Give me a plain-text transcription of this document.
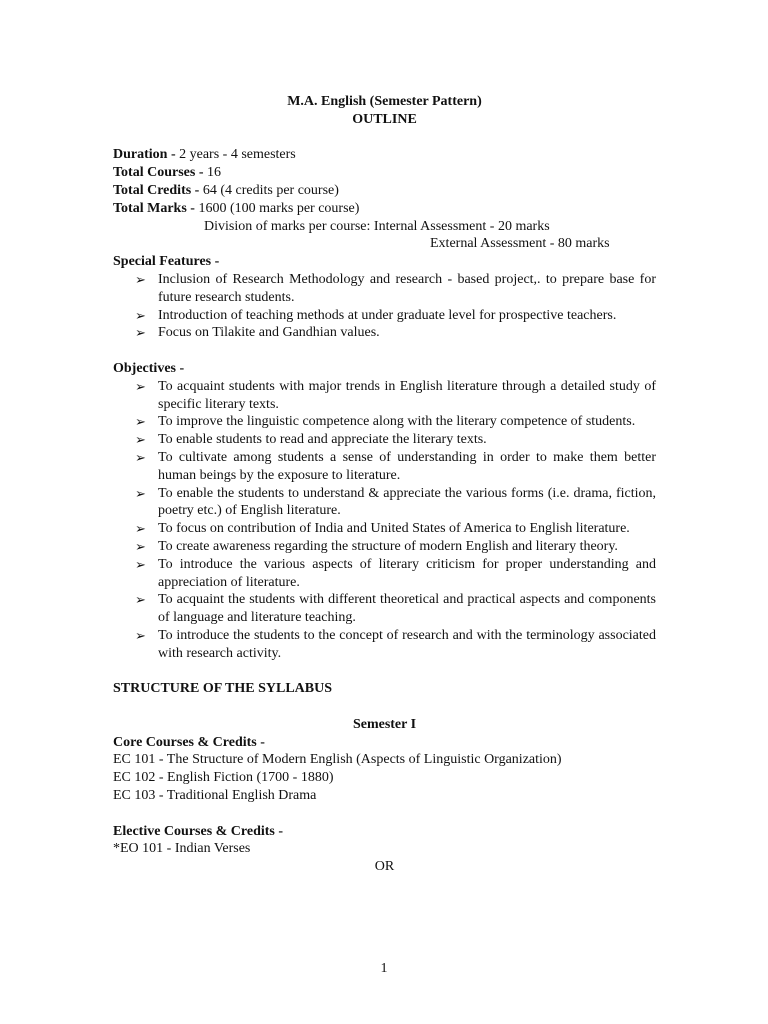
M.A. English (Semester Pattern)
OUTLINE
Duration - 2 years - 4 semesters
Total Courses - 16
Total Credits - 64 (4 credits per course)
Total Marks - 1600 (100 marks per course)
Division of marks per course: Internal Assessment - 20 marks
External Assessment - 80 marks
Special Features -
➢ Inclusion of Research Methodology and research - based project,. to prepare base for future research students.
➢ Introduction of teaching methods at under graduate level for prospective teachers.
➢ Focus on Tilakite and Gandhian values.
Objectives -
➢ To acquaint students with major trends in English literature through a detailed study of specific literary texts.
➢ To improve the linguistic competence along with the literary competence of students.
➢ To enable students to read and appreciate the literary texts.
➢ To cultivate among students a sense of understanding in order to make them better human beings by the exposure to literature.
➢ To enable the students to understand & appreciate the various forms (i.e. drama, fiction, poetry etc.) of English literature.
➢ To focus on contribution of India and United States of America to English literature.
➢ To create awareness regarding the structure of modern English and literary theory.
➢ To introduce the various aspects of literary criticism for proper understanding and appreciation of literature.
➢ To acquaint the students with different theoretical and practical aspects and components of language and literature teaching.
➢ To introduce the students to the concept of research and with the terminology associated with research activity.
STRUCTURE OF THE SYLLABUS
Semester I
Core Courses & Credits -
EC 101 - The Structure of Modern English (Aspects of Linguistic Organization)
EC 102 - English Fiction (1700 - 1880)
EC 103 - Traditional English Drama
Elective Courses & Credits -
*EO 101 - Indian Verses
OR
1
